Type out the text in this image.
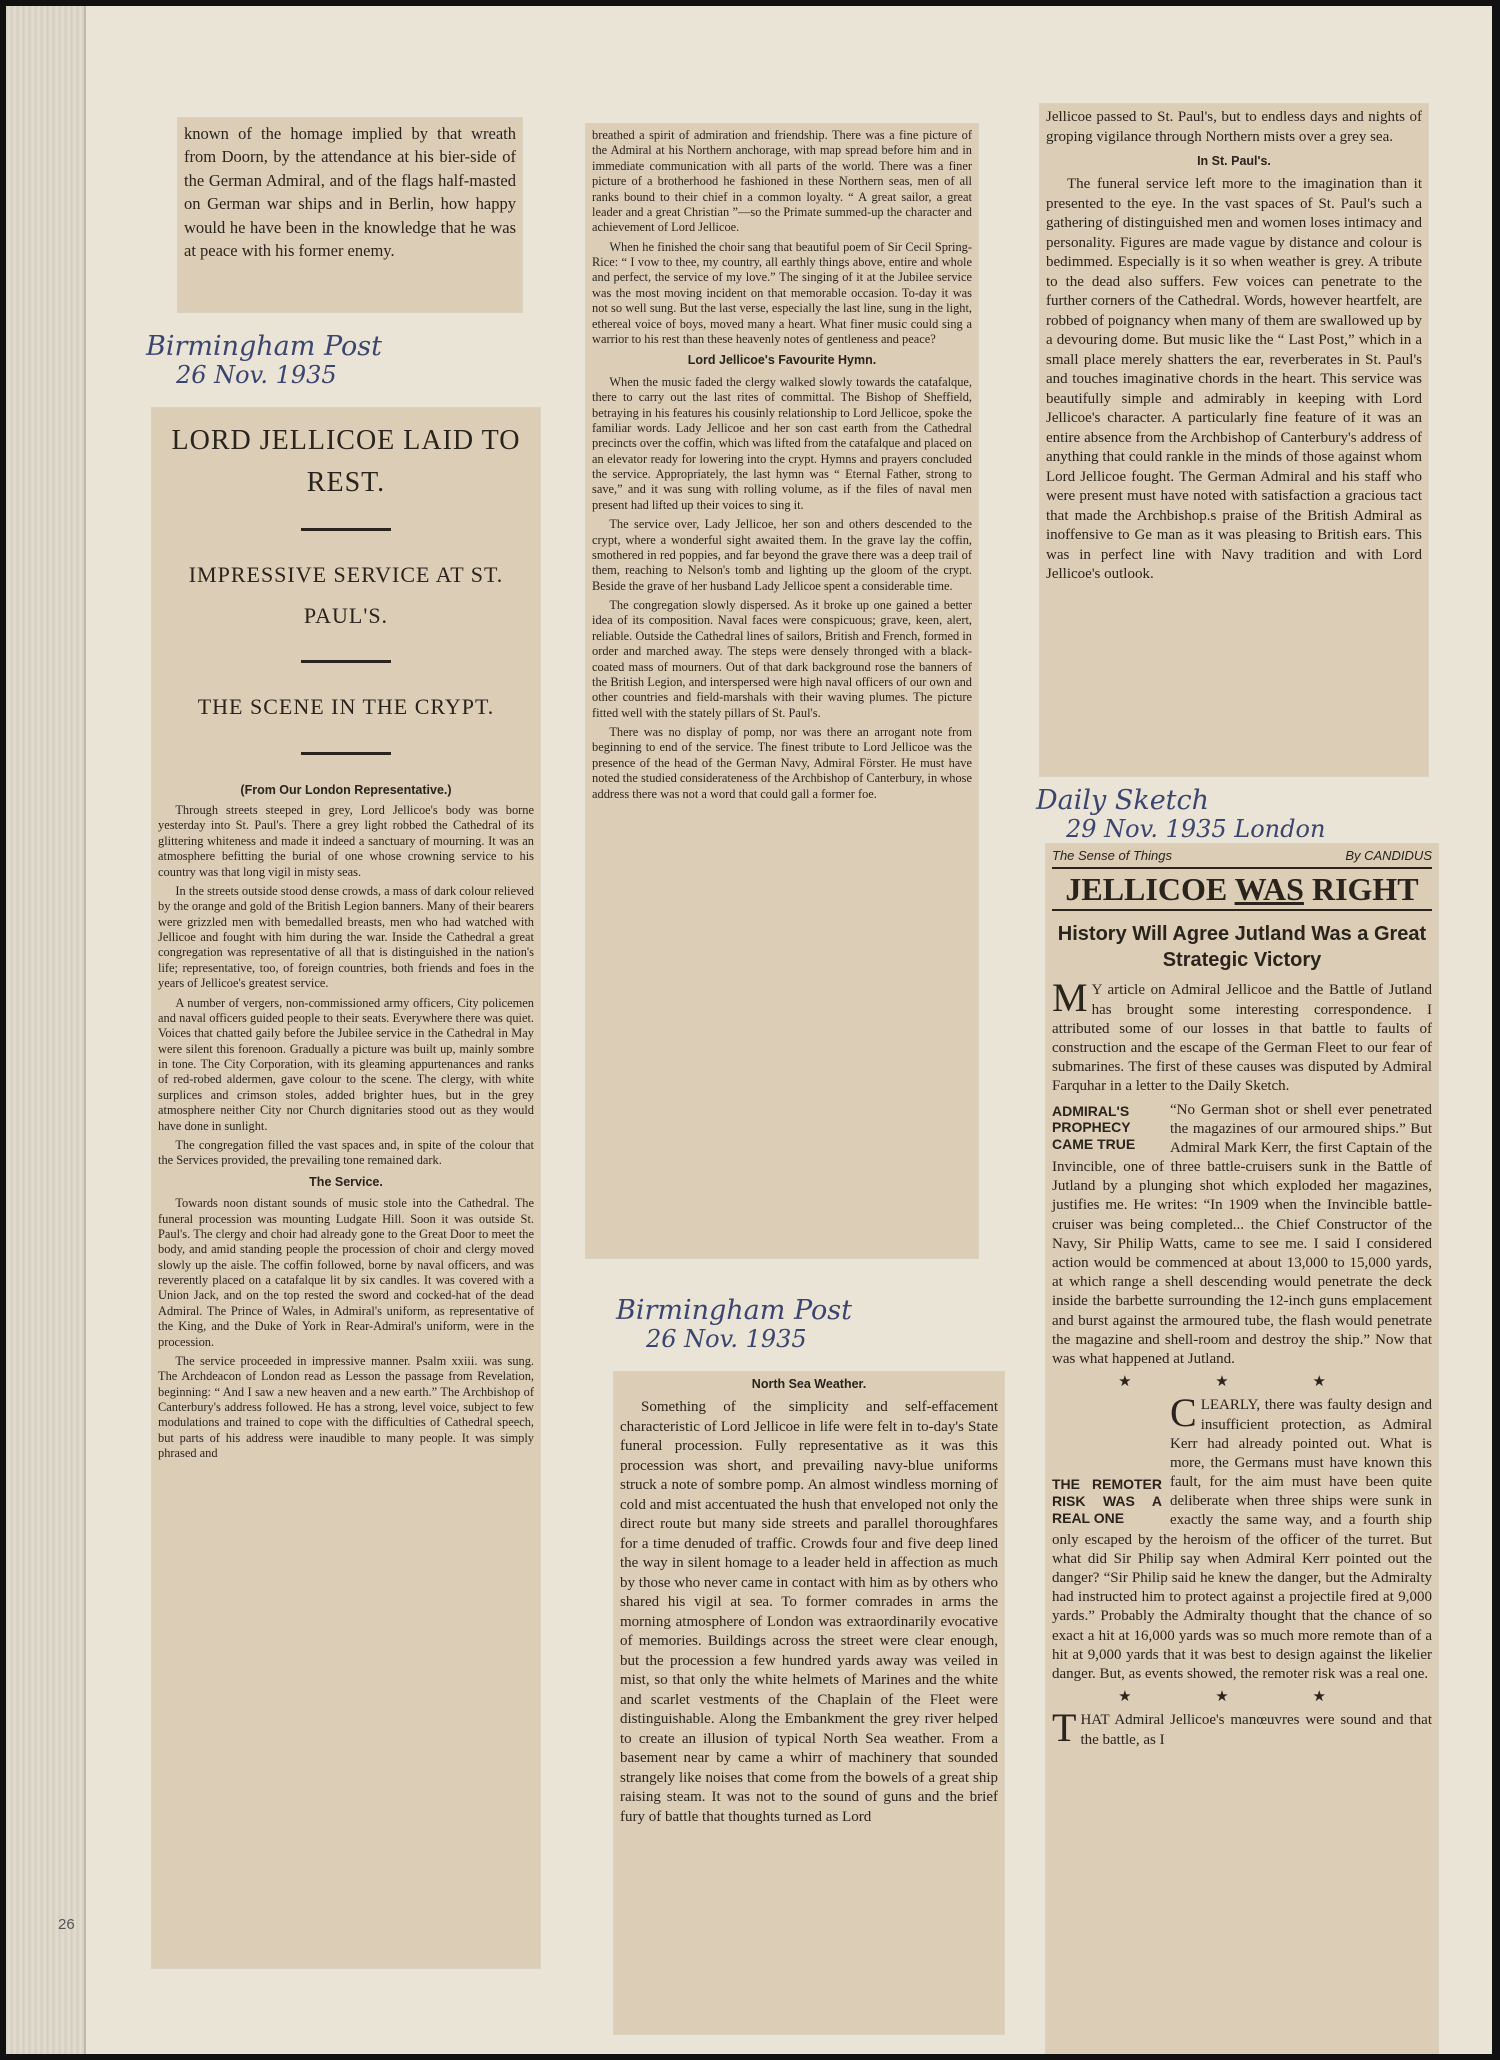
26

known of the homage implied by that wreath from Doorn, by the attendance at his bier-side of the German Admiral, and of the flags half-masted on German war ships and in Berlin, how happy would he have been in the knowledge that he was at peace with his former enemy.

Birmingham Post
26 Nov. 1935
LORD JELLICOE LAID TO REST.
IMPRESSIVE SERVICE AT ST. PAUL'S.
THE SCENE IN THE CRYPT.
(From Our London Representative.)

Through streets steeped in grey, Lord Jellicoe's body was borne yesterday into St. Paul's. There a grey light robbed the Cathedral of its glittering whiteness and made it indeed a sanctuary of mourning. It was an atmosphere befitting the burial of one whose crowning service to his country was that long vigil in misty seas.

In the streets outside stood dense crowds, a mass of dark colour relieved by the orange and gold of the British Legion banners. Many of their bearers were grizzled men with bemedalled breasts, men who had watched with Jellicoe and fought with him during the war. Inside the Cathedral a great congregation was representative of all that is distinguished in the nation's life; representative, too, of foreign countries, both friends and foes in the years of Jellicoe's greatest service.

A number of vergers, non-commissioned army officers, City policemen and naval officers guided people to their seats. Everywhere there was quiet. Voices that chatted gaily before the Jubilee service in the Cathedral in May were silent this forenoon. Gradually a picture was built up, mainly sombre in tone. The City Corporation, with its gleaming appurtenances and ranks of red-robed aldermen, gave colour to the scene. The clergy, with white surplices and crimson stoles, added brighter hues, but in the grey atmosphere neither City nor Church dignitaries stood out as they would have done in sunlight.

The congregation filled the vast spaces and, in spite of the colour that the Services provided, the prevailing tone remained dark.

The Service.

Towards noon distant sounds of music stole into the Cathedral. The funeral procession was mounting Ludgate Hill. Soon it was outside St. Paul's. The clergy and choir had already gone to the Great Door to meet the body, and amid standing people the procession of choir and clergy moved slowly up the aisle. The coffin followed, borne by naval officers, and was reverently placed on a catafalque lit by six candles. It was covered with a Union Jack, and on the top rested the sword and cocked-hat of the dead Admiral. The Prince of Wales, in Admiral's uniform, as representative of the King, and the Duke of York in Rear-Admiral's uniform, were in the procession.

The service proceeded in impressive manner. Psalm xxiii. was sung. The Archdeacon of London read as Lesson the passage from Revelation, beginning: “ And I saw a new heaven and a new earth.” The Archbishop of Canterbury's address followed. He has a strong, level voice, subject to few modulations and trained to cope with the difficulties of Cathedral speech, but parts of his address were inaudible to many people. It was simply phrased and

breathed a spirit of admiration and friendship. There was a fine picture of the Admiral at his Northern anchorage, with map spread before him and in immediate communication with all parts of the world. There was a finer picture of a brotherhood he fashioned in these Northern seas, men of all ranks bound to their chief in a common loyalty. “ A great sailor, a great leader and a great Christian ”—so the Primate summed-up the character and achievement of Lord Jellicoe.

When he finished the choir sang that beautiful poem of Sir Cecil Spring-Rice: “ I vow to thee, my country, all earthly things above, entire and whole and perfect, the service of my love.” The singing of it at the Jubilee service was the most moving incident on that memorable occasion. To-day it was not so well sung. But the last verse, especially the last line, sung in the light, ethereal voice of boys, moved many a heart. What finer music could sing a warrior to his rest than these heavenly notes of gentleness and peace?

Lord Jellicoe's Favourite Hymn.

When the music faded the clergy walked slowly towards the catafalque, there to carry out the last rites of committal. The Bishop of Sheffield, betraying in his features his cousinly relationship to Lord Jellicoe, spoke the familiar words. Lady Jellicoe and her son cast earth from the Cathedral precincts over the coffin, which was lifted from the catafalque and placed on an elevator ready for lowering into the crypt. Hymns and prayers concluded the service. Appropriately, the last hymn was “ Eternal Father, strong to save,” and it was sung with rolling volume, as if the files of naval men present had lifted up their voices to sing it.

The service over, Lady Jellicoe, her son and others descended to the crypt, where a wonderful sight awaited them. In the grave lay the coffin, smothered in red poppies, and far beyond the grave there was a deep trail of them, reaching to Nelson's tomb and lighting up the gloom of the crypt. Beside the grave of her husband Lady Jellicoe spent a considerable time.

The congregation slowly dispersed. As it broke up one gained a better idea of its composition. Naval faces were conspicuous; grave, keen, alert, reliable. Outside the Cathedral lines of sailors, British and French, formed in order and marched away. The steps were densely thronged with a black-coated mass of mourners. Out of that dark background rose the banners of the British Legion, and interspersed were high naval officers of our own and other countries and field-marshals with their waving plumes. The picture fitted well with the stately pillars of St. Paul's.

There was no display of pomp, nor was there an arrogant note from beginning to end of the service. The finest tribute to Lord Jellicoe was the presence of the head of the German Navy, Admiral Förster. He must have noted the studied considerateness of the Archbishop of Canterbury, in whose address there was not a word that could gall a former foe.

Birmingham Post
26 Nov. 1935
North Sea Weather.

Something of the simplicity and self-effacement characteristic of Lord Jellicoe in life were felt in to-day's State funeral procession. Fully representative as it was this procession was short, and prevailing navy-blue uniforms struck a note of sombre pomp. An almost windless morning of cold and mist accentuated the hush that enveloped not only the direct route but many side streets and parallel thoroughfares for a time denuded of traffic. Crowds four and five deep lined the way in silent homage to a leader held in affection as much by those who never came in contact with him as by others who shared his vigil at sea. To former comrades in arms the morning atmosphere of London was extraordinarily evocative of memories. Buildings across the street were clear enough, but the procession a few hundred yards away was veiled in mist, so that only the white helmets of Marines and the white and scarlet vestments of the Chaplain of the Fleet were distinguishable. Along the Embankment the grey river helped to create an illusion of typical North Sea weather. From a basement near by came a whirr of machinery that sounded strangely like noises that come from the bowels of a great ship raising steam. It was not to the sound of guns and the brief fury of battle that thoughts turned as Lord

Jellicoe passed to St. Paul's, but to endless days and nights of groping vigilance through Northern mists over a grey sea.

In St. Paul's.

The funeral service left more to the imagination than it presented to the eye. In the vast spaces of St. Paul's such a gathering of distinguished men and women loses intimacy and personality. Figures are made vague by distance and colour is bedimmed. Especially is it so when weather is grey. A tribute to the dead also suffers. Few voices can penetrate to the further corners of the Cathedral. Words, however heartfelt, are robbed of poignancy when many of them are swallowed up by a devouring dome. But music like the “ Last Post,” which in a small place merely shatters the ear, reverberates in St. Paul's and touches imaginative chords in the heart. This service was beautifully simple and admirably in keeping with Lord Jellicoe's character. A particularly fine feature of it was an entire absence from the Archbishop of Canterbury's address of anything that could rankle in the minds of those against whom Lord Jellicoe fought. The German Admiral and his staff who were present must have noted with satisfaction a gracious tact that made the Archbishop.s praise of the British Admiral as inoffensive to Ge man as it was pleasing to British ears. This was in perfect line with Navy tradition and with Lord Jellicoe's outlook.

Daily Sketch
29 Nov. 1935 London
The Sense of Things	By CANDIDUS
JELLICOE WAS RIGHT
History Will Agree Jutland Was a Great Strategic Victory

MY article on Admiral Jellicoe and the Battle of Jutland has brought some interesting correspondence. I attributed some of our losses in that battle to faults of construction and the escape of the German Fleet to our fear of submarines. The first of these causes was disputed by Admiral Farquhar in a letter to the Daily Sketch.

ADMIRAL'S PROPHECY CAME TRUE
“No German shot or shell ever penetrated the magazines of our armoured ships.” But Admiral Mark Kerr, the first Captain of the Invincible, one of three battle-cruisers sunk in the Battle of Jutland by a plunging shot which exploded her magazines, justifies me. He writes: “In 1909 when the Invincible battle-cruiser was being completed... the Chief Constructor of the Navy, Sir Philip Watts, came to see me. I said I considered action would be commenced at about 13,000 to 15,000 yards, at which range a shell descending would penetrate the deck inside the barbette surrounding the 12-inch guns emplacement and burst against the armoured tube, the flash would penetrate the magazine and shell-room and destroy the ship.” Now that was what happened at Jutland.

★ ★ ★

THE REMOTER RISK WAS A REAL ONE
CLEARLY, there was faulty design and insufficient protection, as Admiral Kerr had already pointed out. What is more, the Germans must have known this fault, for the aim must have been quite deliberate when three ships were sunk in exactly the same way, and a fourth ship only escaped by the heroism of the officer of the turret. But what did Sir Philip say when Admiral Kerr pointed out the danger? “Sir Philip said he knew the danger, but the Admiralty had instructed him to protect against a projectile fired at 9,000 yards.” Probably the Admiralty thought that the chance of so exact a hit at 16,000 yards was so much more remote than of a hit at 9,000 yards that it was best to design against the likelier danger. But, as events showed, the remoter risk was a real one.

★ ★ ★

THAT Admiral Jellicoe's manœuvres were sound and that the battle, as I
